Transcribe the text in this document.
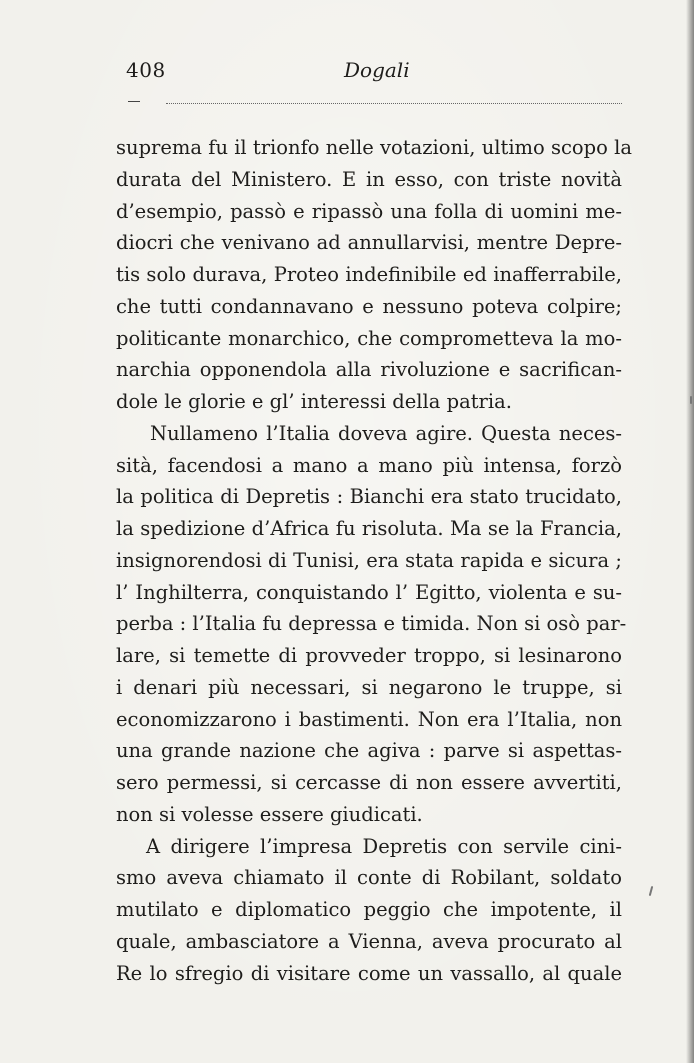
408	Dogali
suprema fu il trionfo nelle votazioni, ultimo scopo la
durata del Ministero. E in esso, con triste novità
d’esempio, passò e ripassò una folla di uomini me-
diocri che venivano ad annullarvisi, mentre Depre-
tis solo durava, Proteo indefinibile ed inafferrabile,
che tutti condannavano e nessuno poteva colpire;
politicante monarchico, che comprometteva la mo-
narchia opponendola alla rivoluzione e sacrifican-
dole le glorie e gl’ interessi della patria.
Nullameno l’Italia doveva agire. Questa neces-
sità, facendosi a mano a mano più intensa, forzò
la politica di Depretis : Bianchi era stato trucidato,
la spedizione d’Africa fu risoluta. Ma se la Francia,
insignorendosi di Tunisi, era stata rapida e sicura ;
l’ Inghilterra, conquistando l’ Egitto, violenta e su-
perba : l’Italia fu depressa e timida. Non si osò par-
lare, si temette di provveder troppo, si lesinarono
i denari più necessari, si negarono le truppe, si
economizzarono i bastimenti. Non era l’Italia, non
una grande nazione che agiva : parve si aspettas-
sero permessi, si cercasse di non essere avvertiti,
non si volesse essere giudicati.
A dirigere l’impresa Depretis con servile cini-
smo aveva chiamato il conte di Robilant, soldato
mutilato e diplomatico peggio che impotente, il
quale, ambasciatore a Vienna, aveva procurato al
Re lo sfregio di visitare come un vassallo, al quale
